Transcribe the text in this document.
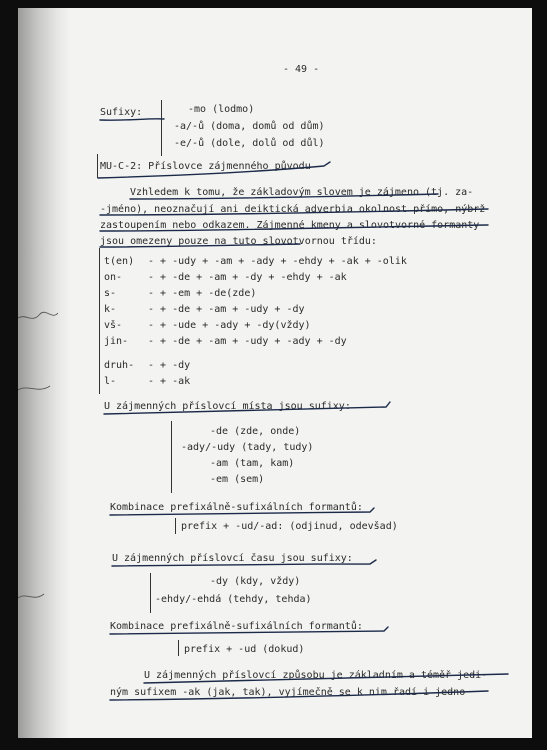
- 49 -
Sufixy:	-mo (lodmo)
-a/-ů (doma, domů od dům)
-e/-ů (dole, dolů od důl)
MU-C-2: Příslovce zájmenného původu
Vzhledem k tomu, že základovým slovem je zájmeno (tj. za-
-jméno), neoznačují ani deiktická adverbia okolnost přímo, nýbrž
zastoupením nebo odkazem. Zájmenné kmeny a slovotvorné formanty
jsou omezeny pouze na tuto slovotvornou třídu:
t(en) - + -udy + -am + -ady + -ehdy + -ak + -olik
on-	- + -de + -am + -dy + -ehdy + -ak
s-	- + -em + -de(zde)
k-	- + -de + -am + -udy + -dy
vš-	- + -ude + -ady + -dy(vždy)
jin- - + -de + -am + -udy + -ady + -dy
druh- - + -dy
l-	- + -ak
U zájmenných příslovcí místa jsou sufixy:
-de (zde, onde)
-ady/-udy (tady, tudy)
-am (tam, kam)
-em (sem)
Kombinace prefixálně-sufixálních formantů:
prefix + -ud/-ad: (odjinud, odevšad)
U zájmenných příslovcí času jsou sufixy:
-dy (kdy, vždy)
-ehdy/-ehdá (tehdy, tehda)
Kombinace prefixálně-sufixálních formantů:
prefix + -ud (dokud)
U zájmenných příslovcí způsobu je základním a téměř jedi-
ným sufixem -ak (jak, tak), vyjímečně se k nim řadí i jedno
